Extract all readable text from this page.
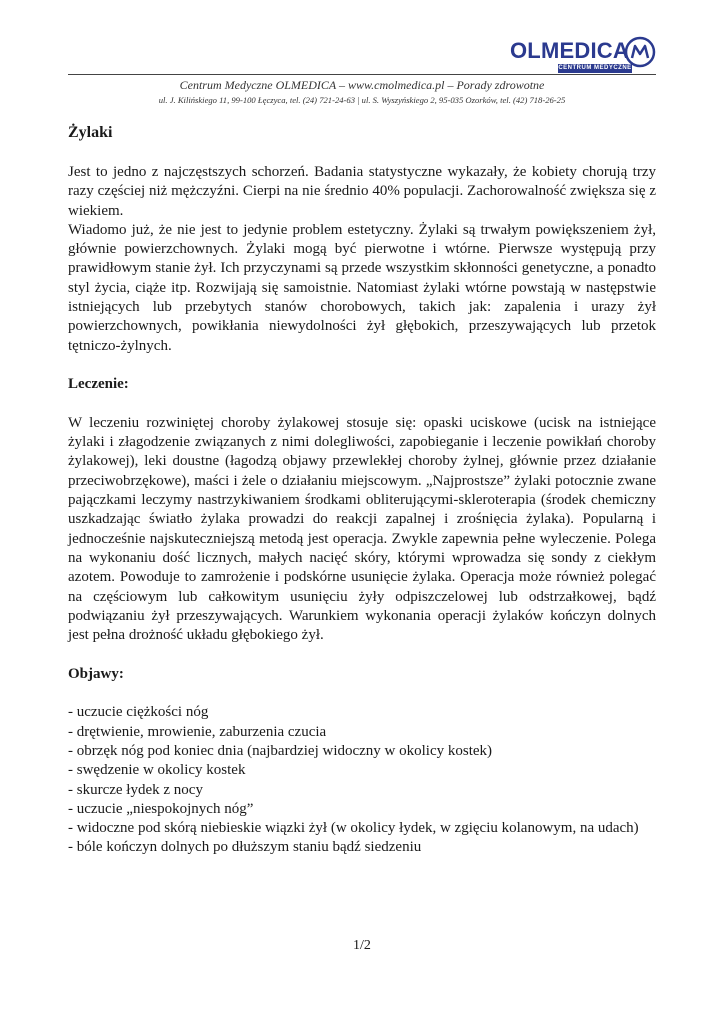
OLMEDICA
CENTRUM MEDYCZNE
Centrum Medyczne OLMEDICA – www.cmolmedica.pl – Porady zdrowotne
ul. J. Kilińskiego 11, 99-100 Łęczyca, tel. (24) 721-24-63 | ul. S. Wyszyńskiego 2, 95-035 Ozorków, tel. (42) 718-26-25
Żylaki

Jest to jedno z najczęstszych schorzeń. Badania statystyczne wykazały, że kobiety chorują trzy razy częściej niż mężczyźni. Cierpi na nie średnio 40% populacji. Zachorowalność zwiększa się z wiekiem.

Wiadomo już, że nie jest to jedynie problem estetyczny. Żylaki są trwałym powiększeniem żył, głównie powierzchownych. Żylaki mogą być pierwotne i wtórne. Pierwsze występują przy prawidłowym stanie żył. Ich przyczynami są przede wszystkim skłonności genetyczne, a ponadto styl życia, ciąże itp. Rozwijają się samoistnie. Natomiast żylaki wtórne powstają w następstwie istniejących lub przebytych stanów chorobowych, takich jak: zapalenia i urazy żył powierzchownych, powikłania niewydolności żył głębokich, przeszywających lub przetok tętniczo-żylnych.

Leczenie:

W leczeniu rozwiniętej choroby żylakowej stosuje się: opaski uciskowe (ucisk na istniejące żylaki i złagodzenie związanych z nimi dolegliwości, zapobieganie i leczenie powikłań choroby żylakowej), leki doustne (łagodzą objawy przewlekłej choroby żylnej, głównie przez działanie przeciwobrzękowe), maści i żele o działaniu miejscowym. „Najprostsze” żylaki potocznie zwane pajączkami leczymy nastrzykiwaniem środkami obliterującymi-skleroterapia (środek chemiczny uszkadzając światło żylaka prowadzi do reakcji zapalnej i zrośnięcia żylaka). Popularną i jednocześnie najskuteczniejszą metodą jest operacja. Zwykle zapewnia pełne wyleczenie. Polega na wykonaniu dość licznych, małych nacięć skóry, którymi wprowadza się sondy z ciekłym azotem. Powoduje to zamrożenie i podskórne usunięcie żylaka. Operacja może również polegać na częściowym lub całkowitym usunięciu żyły odpiszczelowej lub odstrzałkowej, bądź podwiązaniu żył przeszywających. Warunkiem wykonania operacji żylaków kończyn dolnych jest pełna drożność układu głębokiego żył.

Objawy:
- uczucie ciężkości nóg
- drętwienie, mrowienie, zaburzenia czucia
- obrzęk nóg pod koniec dnia (najbardziej widoczny w okolicy kostek)
- swędzenie w okolicy kostek
- skurcze łydek z nocy
- uczucie „niespokojnych nóg”
- widoczne pod skórą niebieskie wiązki żył (w okolicy łydek, w zgięciu kolanowym, na udach)
- bóle kończyn dolnych po dłuższym staniu bądź siedzeniu
1/2
